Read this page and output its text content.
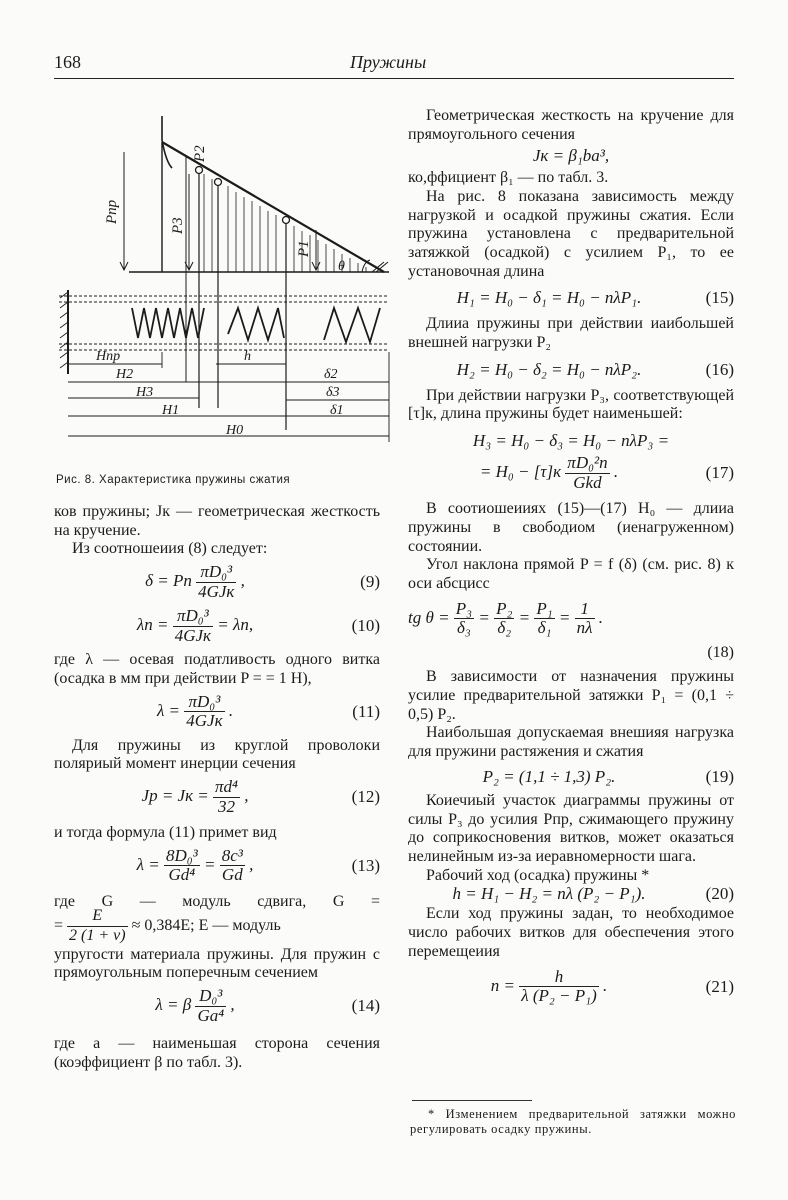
168	Пружины
Pпр
P2
P3
P1
θ
Hпр
H2
h
δ2
H3	δ3
H1	δ1
H0
Рис. 8. Характеристика пружины сжатия

ков пружины; Jк — геометрическая жесткость на кручение.

Из соотношеиия (8) следует:

δ = Pn $\frac{\text{πD₀³}}{\text{4GJк}}$ ,	(9)
$\lambda п = \frac{\text{πD₀³}}{\text{4GJк}} = \lambda n$,	(10)

где λ — осевая податливость одного витка (осадка в мм при действии P = = 1 Н),

$\lambda = \frac{\text{πD₀³}}{\text{4GJк}}$ .	(11)

Для пружины из круглой проволоки поляриый момент инерции сечения

Jp = Jк = $\frac{\text{πd⁴}}{32}$ ,	(12)

и тогда формула (11) примет вид

$\lambda = \frac{\text{8D₀³}}{\text{Gd⁴}} = \frac{\text{8c³}}{Gd}$ ,	(13)

где G — модуль сдвига, G =

= $\frac{E}{2 (1 + \nu)} \approx 0,384E$; E — модуль

упругости материала пружины. Для пружин с прямоугольным поперечным сечением

λ = β $\frac{\text{D₀³}}{\text{Ga⁴}}$ ,	(14)

где a — наименьшая сторона сечения (коэффициент β по табл. 3).

Геометрическая жесткость на кручение для прямоугольного сечения

Jк = β₁ba³,

ко,ффициент β₁ — по табл. 3.

На рис. 8 показана зависимость между нагрузкой и осадкой пружины сжатия. Если пружина установлена с предварительной затяжкой (осадкой) с усилием P₁, то ее установочная длина

H₁ = H₀ − δ₁ = H₀ − nλP₁.	(15)

Длииа пружины при действии иаибольшей внешней нагрузки P₂

H₂ = H₀ − δ₂ = H₀ − nλP₂.	(16)

При действии нагрузки P₃, соответствующей [τ]к, длина пружины будет наименьшей:

H₃ = H₀ − δ₃ = H₀ − nλP₃ =
= $H_0 - [\tau]к \frac{\text{πD₀²n}}{\text{Gkd}}$ .	(17)

В соотиошеииях (15)—(17) H₀ — длииа пружины в свободиом (иенагруженном) состоянии.

Угол наклона прямой P = f (δ) (см. рис. 8) к оси абсцисс

tg $\theta = \frac{\text{P₃}}{\text{δ₃}} = \frac{\text{P₂}}{\text{δ₂}} = \frac{\text{P₁}}{\text{δ₁}} = \frac{1}{n\lambda}$ .

(18)

В зависимости от назначения пружины усилие предварительной затяжки P₁ = (0,1 ÷ 0,5) P₂.

Наибольшая допускаемая внешияя нагрузка для пружини растяжения и сжатия

P₂ = (1,1 ÷ 1,3) P₂.	(19)

Коиечиый участок диаграммы пружины от силы P₃ до усилия Pпр, сжимающего пружину до соприкосновения витков, может оказаться нелинейным из-за иеравномерности шага.

Рабочий ход (осадка) пружины *

h = H₁ − H₂ = nλ (P₂ − P₁).	(20)

Если ход пружины задан, то необходимое число рабочих витков для обеспечения этого перемещеиия

$n = \frac{h}{\text{λ (P₂ − P₁)}}$ .	(21)
* Изменением предварительной затяжки можно регулировать осадку пружины.
